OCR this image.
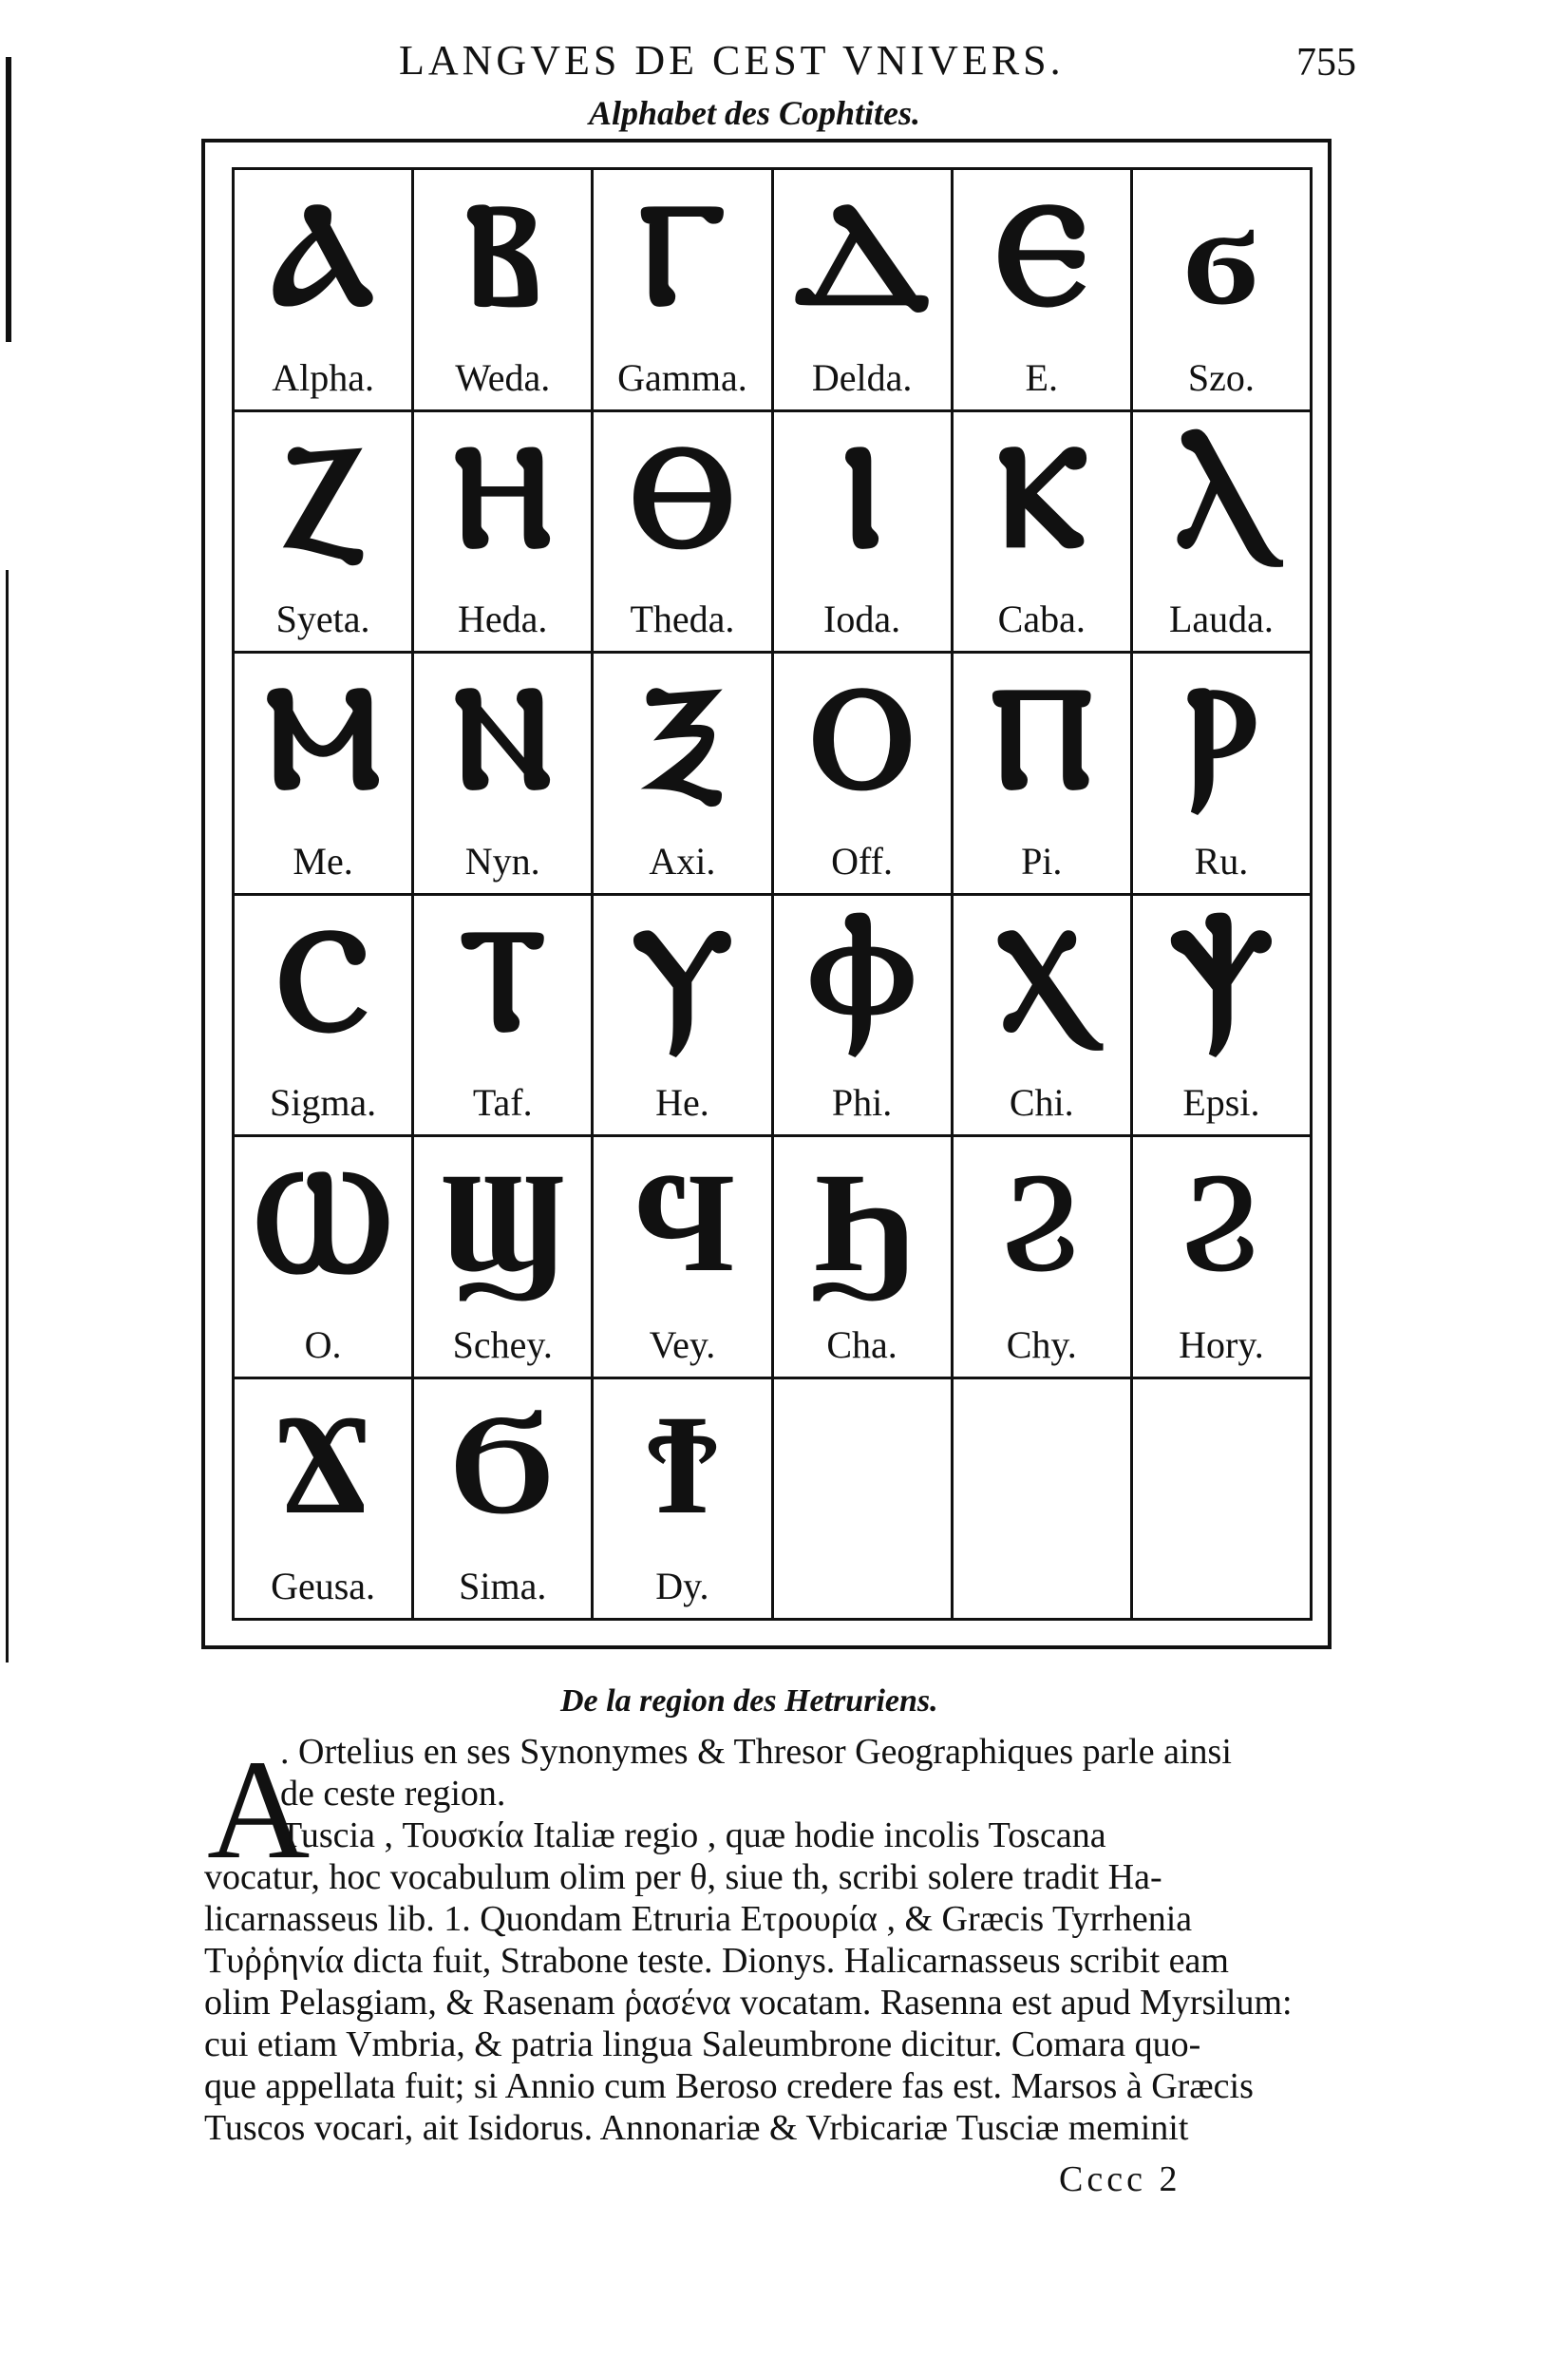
LANGVES DE CEST VNIVERS.	755
Alphabet des Cophtites.
Ⲁ
Alpha.
Ⲃ
Weda.
Ⲅ
Gamma.
Ⲇ
Delda.
Ⲉ
E.
ϭ
Szo.
Ⲍ
Syeta.
Ⲏ
Heda.
Ⲑ
Theda.
Ⲓ
Ioda.
Ⲕ
Caba.
Ⲗ
Lauda.
Ⲙ
Me.
Ⲛ
Nyn.
Ⲝ
Axi.
Ⲟ
Off.
Ⲡ
Pi.
Ⲣ
Ru.
Ⲥ
Sigma.
Ⲧ
Taf.
Ⲩ
He.
Ⲫ
Phi.
Ⲭ
Chi.
Ⲯ
Epsi.
Ⲱ
O.
Ϣ
Schey.
Ϥ
Vey.
Ϧ
Cha.
Ϩ
Chy.
Ϩ
Hory.
Ϫ
Geusa.
Ϭ
Sima.
Ϯ
Dy.
De la region des Hetruriens.
A
. Ortelius en ses Synonymes & Thresor Geographiques parle ainsi
de ceste region.
Tuscia , Τουσκία Italiæ regio , quæ hodie incolis Toscana
vocatur, hoc vocabulum olim per θ, siue th, scribi solere tradit Ha-
licarnasseus lib. 1. Quondam Etruria Ετρουρία , & Græcis Tyrrhenia
Τυῤῥηνία dicta fuit, Strabone teste. Dionys. Halicarnasseus scribit eam
olim Pelasgiam, & Rasenam ῥασένα vocatam. Rasenna est apud Myrsilum:
cui etiam Vmbria, & patria lingua Saleumbrone dicitur. Comara quo-
que appellata fuit; si Annio cum Beroso credere fas est. Marsos à Græcis
Tuscos vocari, ait Isidorus. Annonariæ & Vrbicariæ Tusciæ meminit
Cccc 2
